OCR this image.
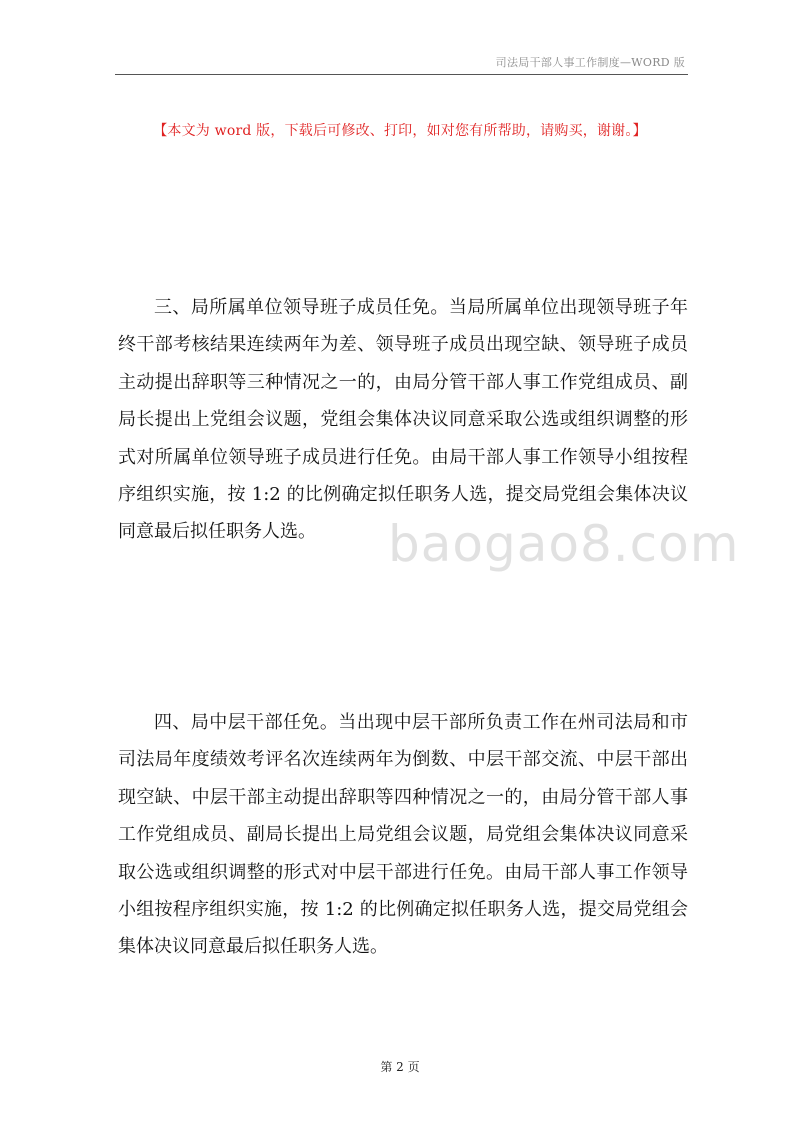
司法局干部人事工作制度—WORD 版
【本文为 word 版，下载后可修改、打印，如对您有所帮助，请购买，谢谢。】

三、局所属单位领导班子成员任免。当局所属单位出现领导班子年终干部考核结果连续两年为差、领导班子成员出现空缺、领导班子成员主动提出辞职等三种情况之一的，由局分管干部人事工作党组成员、副局长提出上党组会议题，党组会集体决议同意采取公选或组织调整的形式对所属单位领导班子成员进行任免。由局干部人事工作领导小组按程序组织实施，按 1:2 的比例确定拟任职务人选，提交局党组会集体决议同意最后拟任职务人选。	baogao8.com

四、局中层干部任免。当出现中层干部所负责工作在州司法局和市司法局年度绩效考评名次连续两年为倒数、中层干部交流、中层干部出现空缺、中层干部主动提出辞职等四种情况之一的，由局分管干部人事工作党组成员、副局长提出上局党组会议题，局党组会集体决议同意采取公选或组织调整的形式对中层干部进行任免。由局干部人事工作领导小组按程序组织实施，按 1:2 的比例确定拟任职务人选，提交局党组会集体决议同意最后拟任职务人选。

第 2 页
